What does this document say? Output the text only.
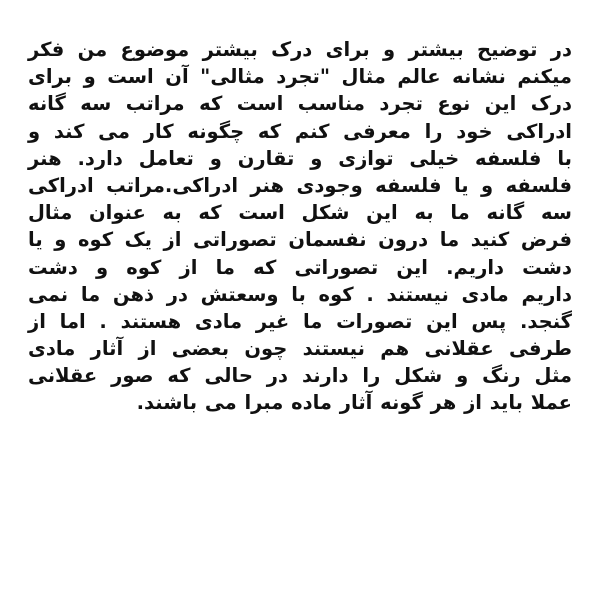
در توضیح بیشتر و برای درک بیشتر موضوع من فکر
میکنم نشانه عالم مثال "تجرد مثالی" آن است و برای
درک این نوع تجرد مناسب است که مراتب سه گانه
ادراکی خود را معرفی کنم که چگونه کار می کند و
با فلسفه خیلی توازی و تقارن و تعامل دارد. هنر
فلسفه و یا فلسفه وجودی هنر ادراکی.مراتب ادراکی
سه گانه ما به این شکل است که به عنوان مثال
فرض کنید ما درون نفسمان تصوراتی از یک کوه و یا
دشت داریم. این تصوراتی که ما از کوه و دشت
داریم مادی نیستند . کوه با وسعتش در ذهن ما نمی
گنجد. پس این تصورات ما غیر مادی هستند . اما از
طرفی عقلانی هم نیستند چون بعضی از آثار مادی
مثل رنگ و شکل را دارند در حالی که صور عقلانی
عملا باید از هر گونه آثار ماده مبرا می باشند.
